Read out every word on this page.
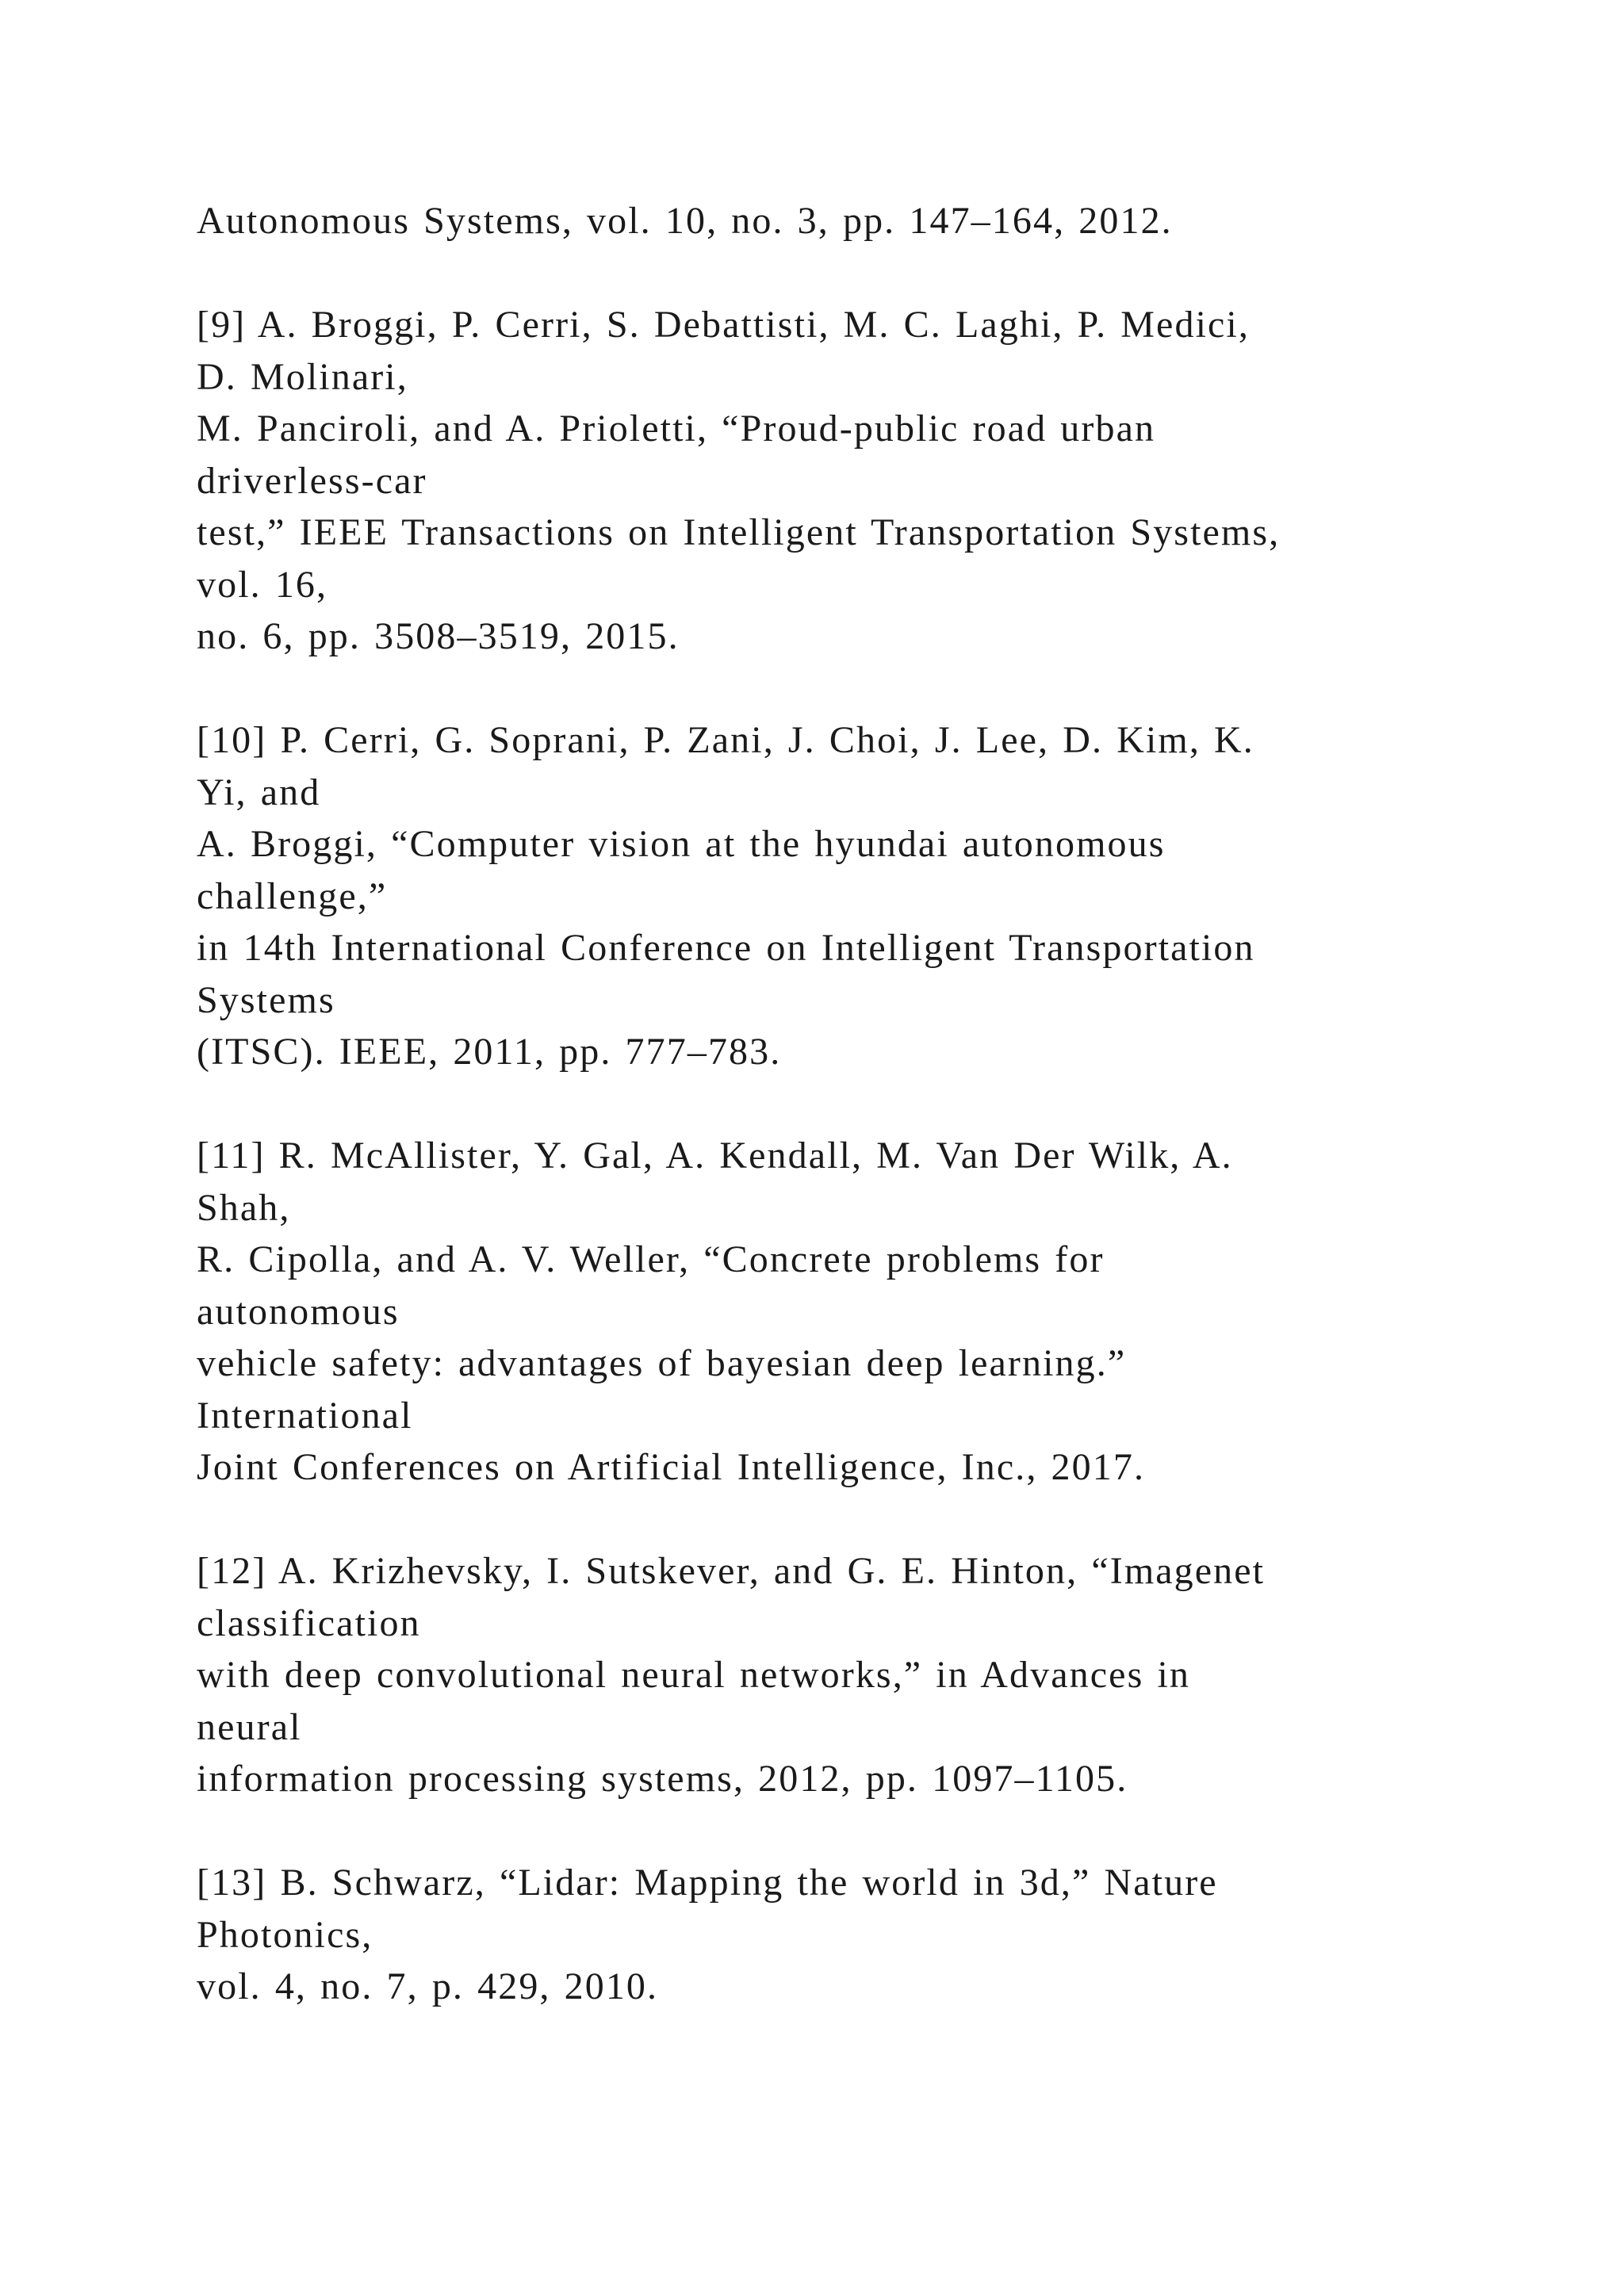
Autonomous Systems, vol. 10, no. 3, pp. 147–164, 2012.
[9] A. Broggi, P. Cerri, S. Debattisti, M. C. Laghi, P. Medici,
D. Molinari,
M. Panciroli, and A. Prioletti, “Proud-public road urban
driverless-car
test,” IEEE Transactions on Intelligent Transportation Systems,
vol. 16,
no. 6, pp. 3508–3519, 2015.
[10] P. Cerri, G. Soprani, P. Zani, J. Choi, J. Lee, D. Kim, K.
Yi, and
A. Broggi, “Computer vision at the hyundai autonomous
challenge,”
in 14th International Conference on Intelligent Transportation
Systems
(ITSC). IEEE, 2011, pp. 777–783.
[11] R. McAllister, Y. Gal, A. Kendall, M. Van Der Wilk, A.
Shah,
R. Cipolla, and A. V. Weller, “Concrete problems for
autonomous
vehicle safety: advantages of bayesian deep learning.”
International
Joint Conferences on Artificial Intelligence, Inc., 2017.
[12] A. Krizhevsky, I. Sutskever, and G. E. Hinton, “Imagenet
classification
with deep convolutional neural networks,” in Advances in
neural
information processing systems, 2012, pp. 1097–1105.
[13] B. Schwarz, “Lidar: Mapping the world in 3d,” Nature
Photonics,
vol. 4, no. 7, p. 429, 2010.
